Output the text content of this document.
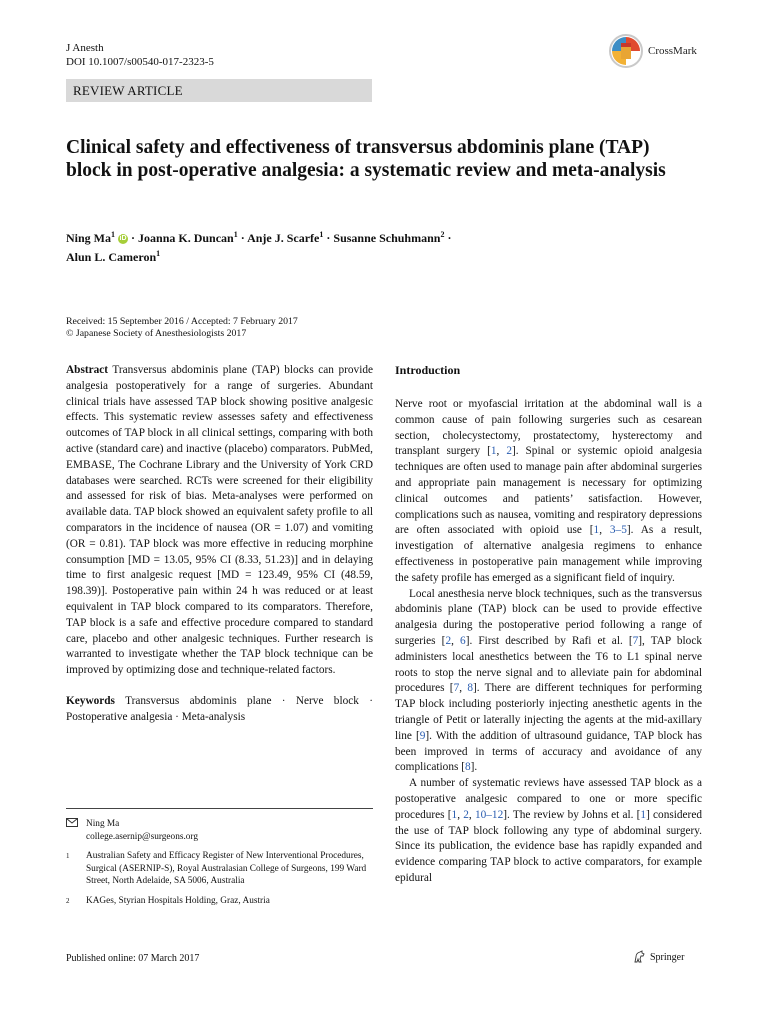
J Anesth
DOI 10.1007/s00540-017-2323-5
CrossMark
REVIEW ARTICLE
Clinical safety and effectiveness of transversus abdominis plane (TAP) block in post-operative analgesia: a systematic review and meta-analysis
Ning Ma$^1$ iD · Joanna K. Duncan$^1$ · Anje J. Scarfe$^1$ · Susanne Schuhmann$^2$ ·
Alun L. Cameron$^1$
Received: 15 September 2016 / Accepted: 7 February 2017
© Japanese Society of Anesthesiologists 2017

Abstract Transversus abdominis plane (TAP) blocks can provide analgesia postoperatively for a range of surgeries. Abundant clinical trials have assessed TAP block showing positive analgesic effects. This systematic review assesses safety and effectiveness outcomes of TAP block in all clinical settings, comparing with both active (standard care) and inactive (placebo) comparators. PubMed, EMBASE, The Cochrane Library and the University of York CRD databases were searched. RCTs were screened for their eligibility and assessed for risk of bias. Meta-analyses were performed on available data. TAP block showed an equivalent safety profile to all comparators in the incidence of nausea (OR = 1.07) and vomiting (OR = 0.81). TAP block was more effective in reducing morphine consumption [MD = 13.05, 95% CI (8.33, 51.23)] and in delaying time to first analgesic request [MD = 123.49, 95% CI (48.59, 198.39)]. Postoperative pain within 24 h was reduced or at least equivalent in TAP block compared to its comparators. Therefore, TAP block is a safe and effective procedure compared to standard care, placebo and other analgesic techniques. Further research is warranted to investigate whether the TAP block technique can be improved by optimizing dose and technique-related factors.

Keywords Transversus abdominis plane · Nerve block · Postoperative analgesia · Meta-analysis

Ning Ma
college.asernip@surgeons.org
$^1$	Australian Safety and Efficacy Register of New Interventional Procedures, Surgical (ASERNIP-S), Royal Australasian College of Surgeons, 199 Ward Street, North Adelaide, SA 5006, Australia
$^2$	KAGes, Styrian Hospitals Holding, Graz, Austria
Introduction

Nerve root or myofascial irritation at the abdominal wall is a common cause of pain following surgeries such as cesarean section, cholecystectomy, prostatectomy, hysterectomy and transplant surgery [1, 2]. Spinal or systemic opioid analgesia techniques are often used to manage pain after abdominal surgeries and appropriate pain management is necessary for optimizing clinical outcomes and patients’ satisfaction. However, complications such as nausea, vomiting and respiratory depressions are often associated with opioid use [1, 3–5]. As a result, investigation of alternative analgesia regimens to enhance effectiveness in postoperative pain management while improving the safety profile has emerged as a significant field of inquiry.

Local anesthesia nerve block techniques, such as the transversus abdominis plane (TAP) block can be used to provide effective analgesia during the postoperative period following a range of surgeries [2, 6]. First described by Rafi et al. [7], TAP block administers local anesthetics between the T6 to L1 spinal nerve roots to stop the nerve signal and to alleviate pain for abdominal procedures [7, 8]. There are different techniques for performing TAP block including posteriorly injecting anesthetic agents in the triangle of Petit or laterally injecting the agents at the mid-axillary line [9]. With the addition of ultrasound guidance, TAP block has been improved in terms of accuracy and avoidance of any complications [8].

A number of systematic reviews have assessed TAP block as a postoperative analgesic compared to one or more specific procedures [1, 2, 10–12]. The review by Johns et al. [1] considered the use of TAP block following any type of abdominal surgery. Since its publication, the evidence base has rapidly expanded and evidence comparing TAP block to active comparators, for example epidural

Published online: 07 March 2017	Springer
